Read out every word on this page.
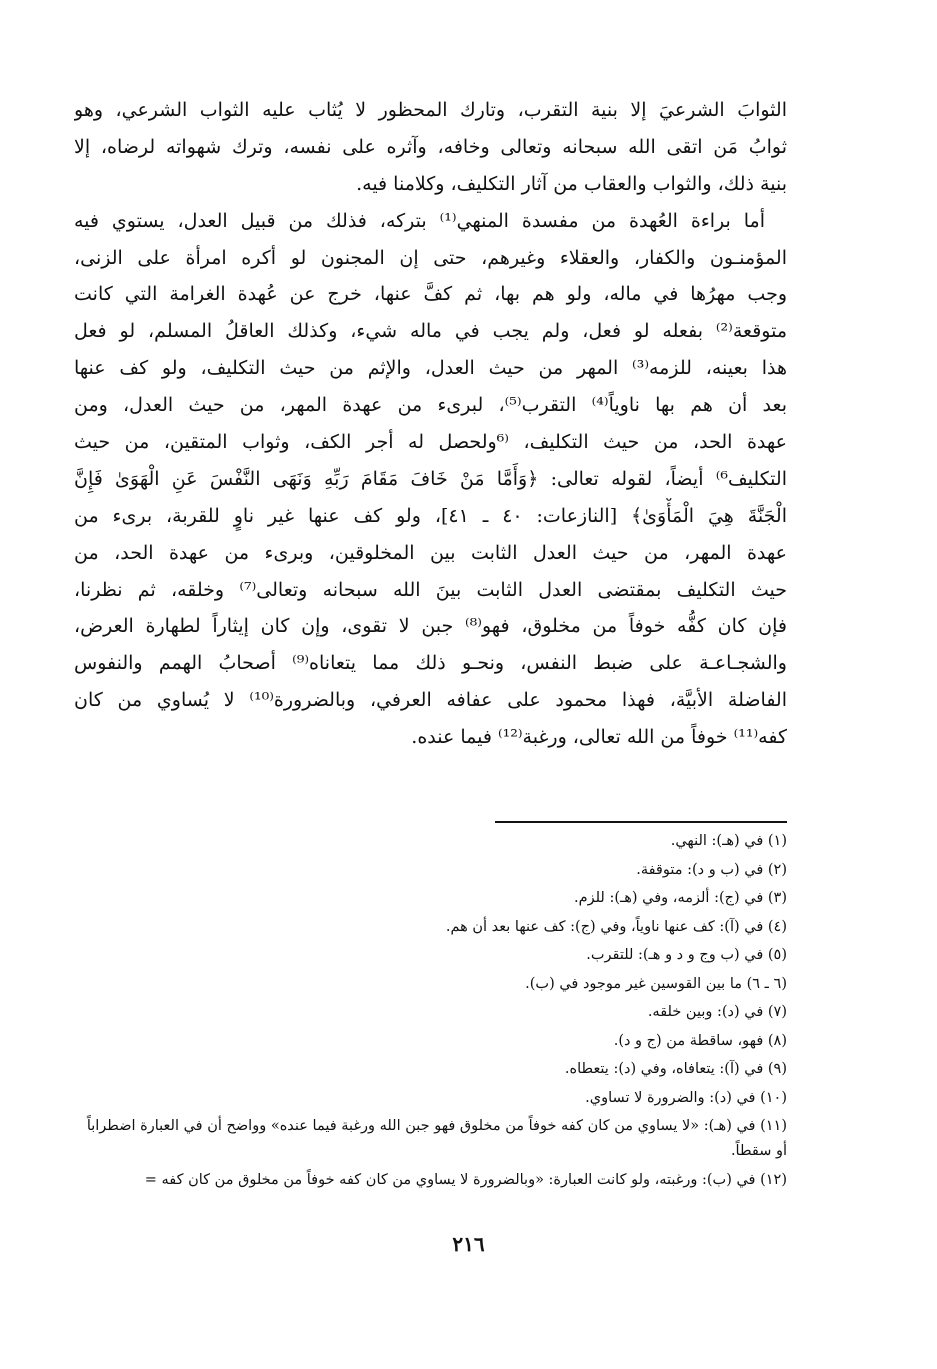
الثوابَ الشرعيَ إلا بنية التقرب، وتارك المحظور لا يُثاب عليه الثواب الشرعي، وهو
ثوابُ مَن اتقى الله سبحانه وتعالى وخافه، وآثره على نفسه، وترك شهواته لرضاه، إلا
بنية ذلك، والثواب والعقاب من آثار التكليف، وكلامنا فيه.
أما براءة العُهدة من مفسدة المنهي⁽¹⁾ بتركه، فذلك من قبيل العدل، يستوي فيه
المؤمنـون والكفار، والعقلاء وغيرهم، حتى إن المجنون لو أكره امرأة على الزنى،
وجب مهرُها في ماله، ولو هم بها، ثم كفَّ عنها، خرج عن عُهدة الغرامة التي كانت
متوقعة⁽²⁾ بفعله لو فعل، ولم يجب في ماله شيء، وكذلك العاقلُ المسلم، لو فعل
هذا بعينه، للزمه⁽³⁾ المهر من حيث العدل، والإثم من حيث التكليف، ولو كف عنها
بعد أن هم بها ناوياً⁽⁴⁾ التقرب⁽⁵⁾، لبرىء من عهدة المهر، من حيث العدل، ومن
عهدة الحد، من حيث التكليف، ⁽⁶ولحصل له أجر الكف، وثواب المتقين، من حيث
التكليف⁶⁾ أيضاً، لقوله تعالى: ﴿وَأَمَّا مَنْ خَافَ مَقَامَ رَبِّهِ وَنَهَى النَّفْسَ عَنِ الْهَوَىٰ فَإِنَّ
الْجَنَّةَ هِيَ الْمَأْوَىٰ﴾ [النازعات: ٤٠ ـ ٤١]، ولو كف عنها غير ناوٍ للقربة، برىء من
عهدة المهر، من حيث العدل الثابت بين المخلوقين، وبرىء من عهدة الحد، من
حيث التكليف بمقتضى العدل الثابت بينَ الله سبحانه وتعالى⁽⁷⁾ وخلقه، ثم نظرنا،
فإن كان كفُّه خوفاً من مخلوق، فهو⁽⁸⁾ جبن لا تقوى، وإن كان إيثاراً لطهارة العرض،
والشجـاعـة على ضبط النفس، ونحـو ذلك مما يتعاناه⁽⁹⁾ أصحابُ الهمم والنفوس
الفاضلة الأبيَّة، فهذا محمود على عفافه العرفي، وبالضرورة⁽¹⁰⁾ لا يُساوي من كان
كفه⁽¹¹⁾ خوفاً من الله تعالى، ورغبة⁽¹²⁾ فيما عنده.
(١) في (هـ): النهي.
(٢) في (ب و د): متوقفة.
(٣) في (ج): ألزمه، وفي (هـ): للزم.
(٤) في (آ): كف عنها ناوياً، وفي (ج): كف عنها بعد أن هم.
(٥) في (ب وج و د و هـ): للتقرب.
(٦ ـ ٦) ما بين القوسين غير موجود في (ب).
(٧) في (د): وبين خلقه.
(٨) فهو، ساقطة من (ج و د).
(٩) في (آ): يتعافاه، وفي (د): يتعطاه.
(١٠) في (د): والضرورة لا تساوي.
(١١) في (هـ): «لا يساوي من كان كفه خوفاً من مخلوق فهو جبن الله ورغبة فيما عنده» وواضح أن في العبارة اضطراباً أو سقطاً.
(١٢) في (ب): ورغبته، ولو كانت العبارة: «وبالضرورة لا يساوي من كان كفه خوفاً من مخلوق من كان كفه =
٢١٦
